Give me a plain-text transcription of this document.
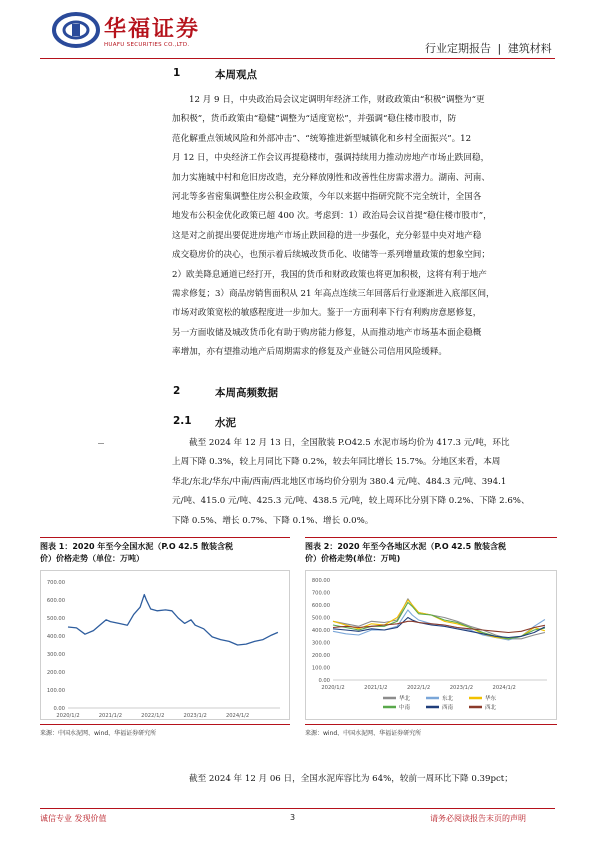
华福证券
HUAFU SECURITIES CO.,LTD.	行业定期报告 | 建筑材料
1	本周观点
12 月 9 日，中央政治局会议定调明年经济工作，财政政策由“积极”调整为“更
加积极”，货币政策由“稳健”调整为“适度宽松”，并强调“稳住楼市股市，防
范化解重点领域风险和外部冲击”、“统筹推进新型城镇化和乡村全面振兴”。12
月 12 日，中央经济工作会议再提稳楼市，强调持续用力推动房地产市场止跌回稳，
加力实施城中村和危旧房改造，充分释放刚性和改善性住房需求潜力。湖南、河南、
河北等多省密集调整住房公积金政策，今年以来据中指研究院不完全统计，全国各
地发布公积金优化政策已超 400 次。考虑到：1）政治局会议首提“稳住楼市股市”，
这是对之前提出要促进房地产市场止跌回稳的进一步强化，充分彰显中央对地产稳
成交稳房价的决心，也预示着后续城改货币化、收储等一系列增量政策的想象空间；
2）欧美降息通道已经打开，我国的货币和财政政策也将更加积极，这将有利于地产
需求修复；3）商品房销售面积从 21 年高点连续三年回落后行业逐渐进入底部区间，
市场对政策宽松的敏感程度进一步加大。鉴于一方面利率下行有利购房意愿修复，
另一方面收储及城改货币化有助于购房能力修复，从而推动地产市场基本面企稳概
率增加，亦有望推动地产后周期需求的修复及产业链公司信用风险缓释。
2	本周高频数据
2.1 水泥
截至 2024 年 12 月 13 日，全国散装 P.O42.5 水泥市场均价为 417.3 元/吨，环比
上周下降 0.3%，较上月同比下降 0.2%，较去年同比增长 15.7%。分地区来看，本周
华北/东北/华东/中南/西南/西北地区市场均价分别为 380.4 元/吨、484.3 元/吨、394.1
元/吨、415.0 元/吨、425.3 元/吨、438.5 元/吨，较上周环比分别下降 0.2%、下降 2.6%、
下降 0.5%、增长 0.7%、下降 0.1%、增长 0.0%。
图表 1：2020 年至今全国水泥（P.O 42.5 散装含税
价）价格走势（单位：万吨）
图表 2：2020 年至今各地区水泥（P.O 42.5 散装含税
价）价格走势(单位：万吨)
700.00
600.00
500.00
400.00
300.00
200.00
100.00
0.00
2020/1/2	2021/1/2	2022/1/2	2023/1/2	2024/1/2
800.00
700.00
600.00
500.00
400.00
300.00
200.00
100.00
0.00
2020/1/2	2021/1/2	2022/1/2	2023/1/2	2024/1/2
华北	东北	华东
中南	西南	西北
来源：中国水泥网、wind、华福证券研究所	来源：wind、中国水泥网、华福证券研究所
截至 2024 年 12 月 06 日，全国水泥库容比为 64%，较前一周环比下降 0.39pct；
诚信专业 发现价值	3	请务必阅读报告末页的声明
